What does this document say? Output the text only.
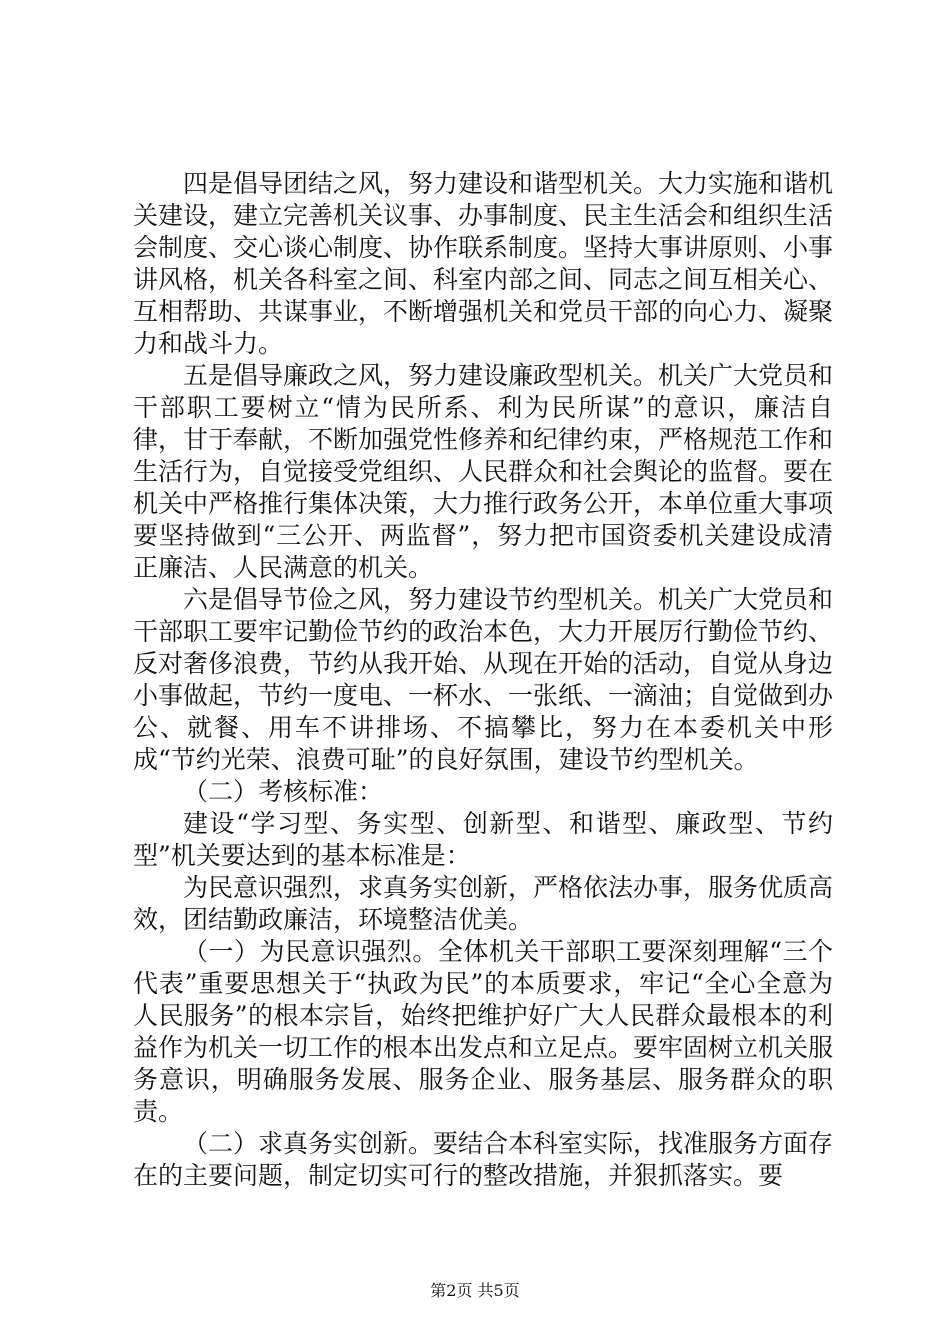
四是倡导团结之风，努力建设和谐型机关。大力实施和谐机关建设，建立完善机关议事、办事制度、民主生活会和组织生活会制度、交心谈心制度、协作联系制度。坚持大事讲原则、小事讲风格，机关各科室之间、科室内部之间、同志之间互相关心、互相帮助、共谋事业，不断增强机关和党员干部的向心力、凝聚力和战斗力。

五是倡导廉政之风，努力建设廉政型机关。机关广大党员和干部职工要树立“情为民所系、利为民所谋”的意识，廉洁自律，甘于奉献，不断加强党性修养和纪律约束，严格规范工作和生活行为，自觉接受党组织、人民群众和社会舆论的监督。要在机关中严格推行集体决策，大力推行政务公开，本单位重大事项要坚持做到“三公开、两监督”，努力把市国资委机关建设成清正廉洁、人民满意的机关。

六是倡导节俭之风，努力建设节约型机关。机关广大党员和干部职工要牢记勤俭节约的政治本色，大力开展厉行勤俭节约、反对奢侈浪费，节约从我开始、从现在开始的活动，自觉从身边小事做起，节约一度电、一杯水、一张纸、一滴油；自觉做到办公、就餐、用车不讲排场、不搞攀比，努力在本委机关中形成“节约光荣、浪费可耻”的良好氛围，建设节约型机关。

（二）考核标准：

建设“学习型、务实型、创新型、和谐型、廉政型、节约型”机关要达到的基本标准是：

为民意识强烈，求真务实创新，严格依法办事，服务优质高效，团结勤政廉洁，环境整洁优美。

（一）为民意识强烈。全体机关干部职工要深刻理解“三个代表”重要思想关于“执政为民”的本质要求，牢记“全心全意为人民服务”的根本宗旨，始终把维护好广大人民群众最根本的利益作为机关一切工作的根本出发点和立足点。要牢固树立机关服务意识，明确服务发展、服务企业、服务基层、服务群众的职责。

（二）求真务实创新。要结合本科室实际，找准服务方面存在的主要问题，制定切实可行的整改措施，并狠抓落实。要

第2页 共5页
